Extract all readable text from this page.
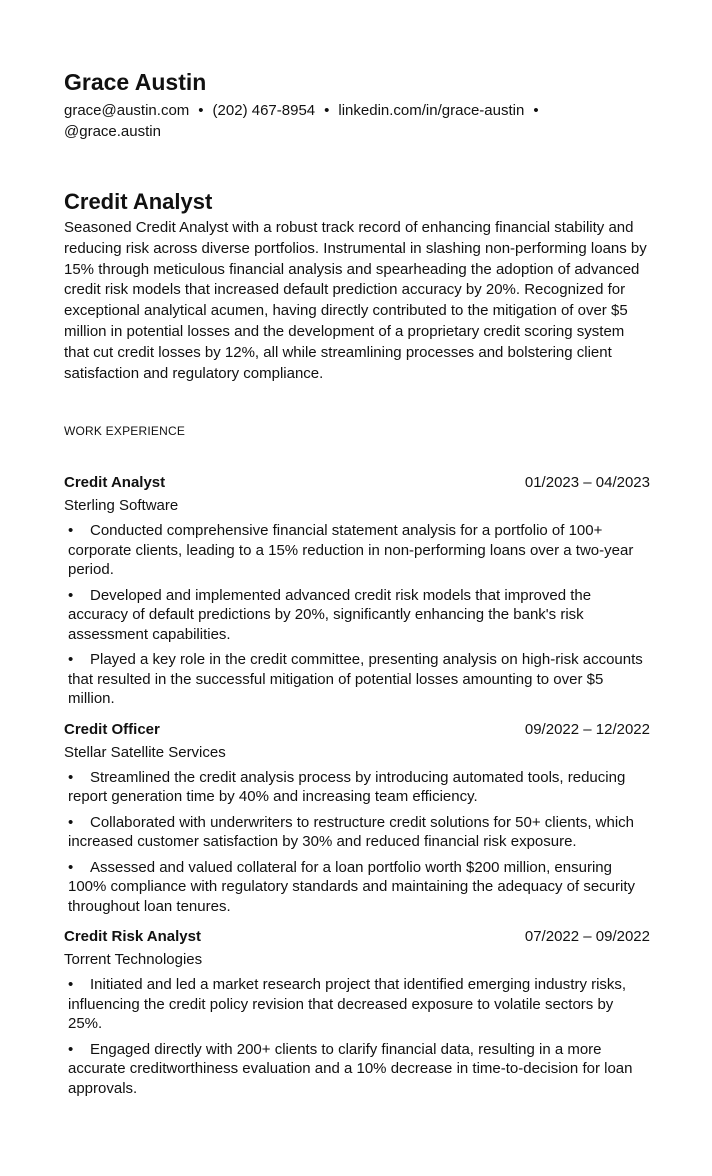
Grace Austin
grace@austin.com • (202) 467-8954 • linkedin.com/in/grace-austin •
@grace.austin
Credit Analyst

Seasoned Credit Analyst with a robust track record of enhancing financial stability and reducing risk across diverse portfolios. Instrumental in slashing non-performing loans by 15% through meticulous financial analysis and spearheading the adoption of advanced credit risk models that increased default prediction accuracy by 20%. Recognized for exceptional analytical acumen, having directly contributed to the mitigation of over $5 million in potential losses and the development of a proprietary credit scoring system that cut credit losses by 12%, all while streamlining processes and bolstering client satisfaction and regulatory compliance.

WORK EXPERIENCE
Credit Analyst	01/2023 – 04/2023
Sterling Software
• Conducted comprehensive financial statement analysis for a portfolio of 100+ corporate clients, leading to a 15% reduction in non-performing loans over a two-year period.
• Developed and implemented advanced credit risk models that improved the accuracy of default predictions by 20%, significantly enhancing the bank's risk assessment capabilities.
• Played a key role in the credit committee, presenting analysis on high-risk accounts that resulted in the successful mitigation of potential losses amounting to over $5 million.
Credit Officer	09/2022 – 12/2022
Stellar Satellite Services
• Streamlined the credit analysis process by introducing automated tools, reducing report generation time by 40% and increasing team efficiency.
• Collaborated with underwriters to restructure credit solutions for 50+ clients, which increased customer satisfaction by 30% and reduced financial risk exposure.
• Assessed and valued collateral for a loan portfolio worth $200 million, ensuring 100% compliance with regulatory standards and maintaining the adequacy of security throughout loan tenures.
Credit Risk Analyst	07/2022 – 09/2022
Torrent Technologies
• Initiated and led a market research project that identified emerging industry risks, influencing the credit policy revision that decreased exposure to volatile sectors by 25%.
• Engaged directly with 200+ clients to clarify financial data, resulting in a more accurate creditworthiness evaluation and a 10% decrease in time-to-decision for loan approvals.
